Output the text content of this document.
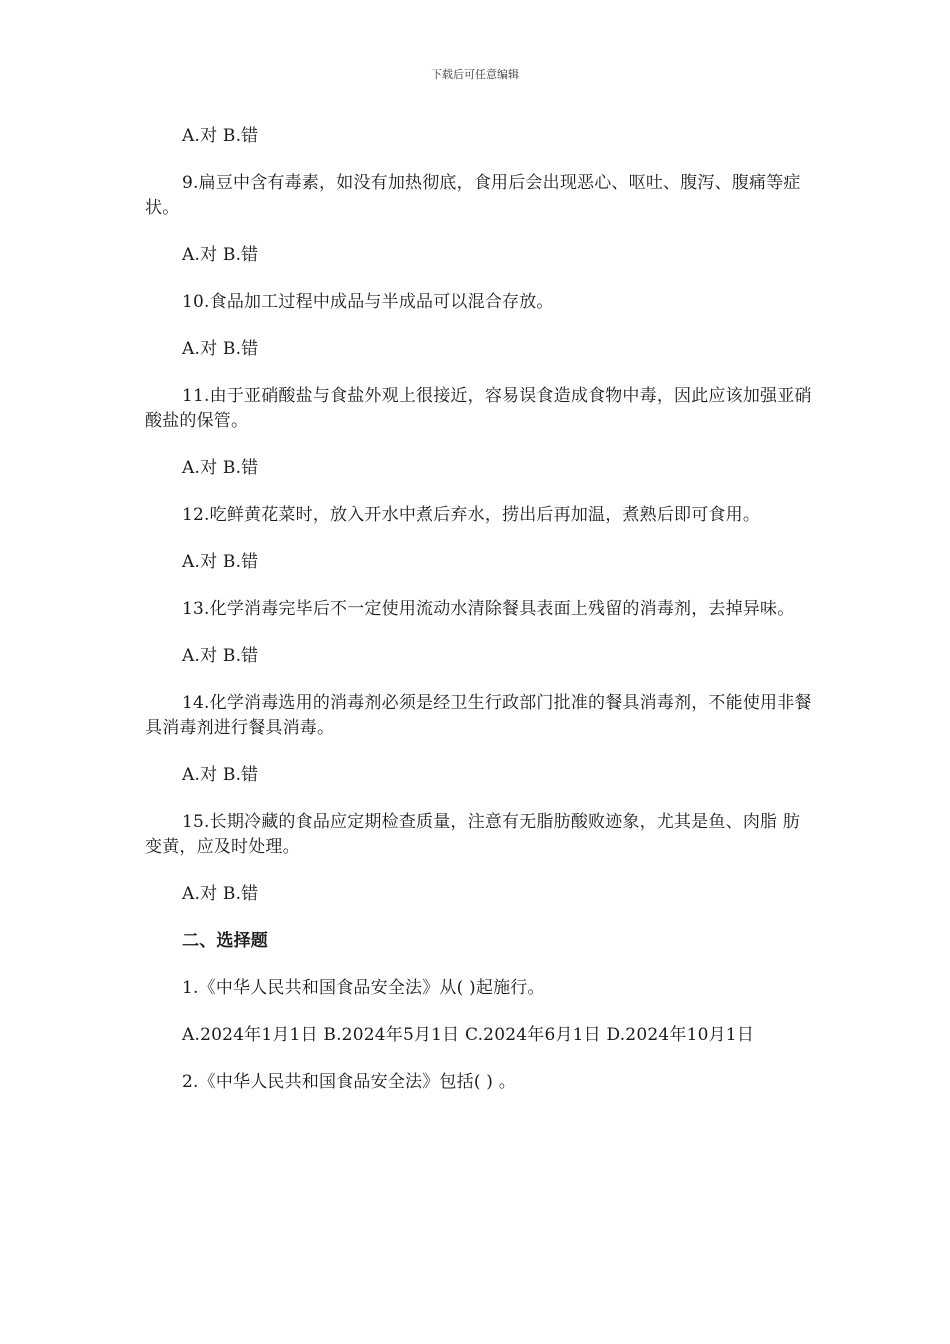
下载后可任意编辑

A.对 B.错

9.扁豆中含有毒素，如没有加热彻底，食用后会出现恶心、呕吐、腹泻、腹痛等症状。

A.对 B.错

10.食品加工过程中成品与半成品可以混合存放。

A.对 B.错

11.由于亚硝酸盐与食盐外观上很接近，容易误食造成食物中毒，因此应该加强亚硝酸盐的保管。

A.对 B.错

12.吃鲜黄花菜时，放入开水中煮后弃水，捞出后再加温，煮熟后即可食用。

A.对 B.错

13.化学消毒完毕后不一定使用流动水清除餐具表面上残留的消毒剂，去掉异味。

A.对 B.错

14.化学消毒选用的消毒剂必须是经卫生行政部门批准的餐具消毒剂，不能使用非餐具消毒剂进行餐具消毒。

A.对 B.错

15.长期冷藏的食品应定期检查质量，注意有无脂肪酸败迹象，尤其是鱼、肉脂 肪变黄，应及时处理。

A.对 B.错

二、选择题

1.《中华人民共和国食品安全法》从( )起施行。

A.2024年1月1日 B.2024年5月1日 C.2024年6月1日 D.2024年10月1日

2.《中华人民共和国食品安全法》包括( ) 。
